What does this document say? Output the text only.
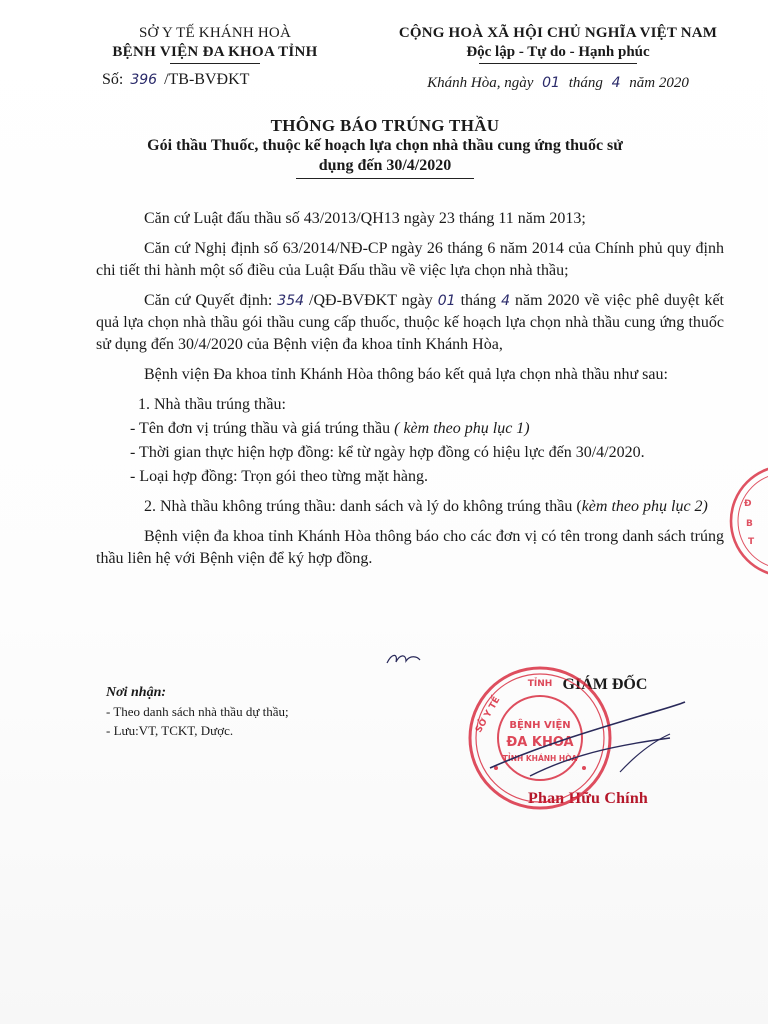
SỞ Y TẾ KHÁNH HOÀ
BỆNH VIỆN ĐA KHOA TỈNH
Số: 396 /TB-BVĐKT
CỘNG HOÀ XÃ HỘI CHỦ NGHĨA VIỆT NAM
Độc lập - Tự do - Hạnh phúc
Khánh Hòa, ngày 01 tháng 4 năm 2020
THÔNG BÁO TRÚNG THẦU
Gói thầu Thuốc, thuộc kế hoạch lựa chọn nhà thầu cung ứng thuốc sử
dụng đến 30/4/2020

Căn cứ Luật đấu thầu số 43/2013/QH13 ngày 23 tháng 11 năm 2013;

Căn cứ Nghị định số 63/2014/NĐ-CP ngày 26 tháng 6 năm 2014 của Chính phủ quy định chi tiết thi hành một số điều của Luật Đấu thầu về việc lựa chọn nhà thầu;

Căn cứ Quyết định: 354 /QĐ-BVĐKT ngày 01 tháng 4 năm 2020 về việc phê duyệt kết quả lựa chọn nhà thầu gói thầu cung cấp thuốc, thuộc kế hoạch lựa chọn nhà thầu cung ứng thuốc sử dụng đến 30/4/2020 của Bệnh viện đa khoa tỉnh Khánh Hòa,

Bệnh viện Đa khoa tỉnh Khánh Hòa thông báo kết quả lựa chọn nhà thầu như sau:

1. Nhà thầu trúng thầu:

- Tên đơn vị trúng thầu và giá trúng thầu ( kèm theo phụ lục 1)

- Thời gian thực hiện hợp đồng: kể từ ngày hợp đồng có hiệu lực đến 30/4/2020.

- Loại hợp đồng: Trọn gói theo từng mặt hàng.

2. Nhà thầu không trúng thầu: danh sách và lý do không trúng thầu (kèm theo phụ lục 2)

Bệnh viện đa khoa tỉnh Khánh Hòa thông báo cho các đơn vị có tên trong danh sách trúng thầu liên hệ với Bệnh viện để ký hợp đồng.

Nơi nhận:
- Theo danh sách nhà thầu dự thầu;
- Lưu:VT, TCKT, Dược.
GIÁM ĐỐC
Phan Hữu Chính
TỈNH
BỆNH VIỆN
ĐA KHOA
TỈNH KHÁNH HÒA
SỞ Y TẾ
Đ
B
T
